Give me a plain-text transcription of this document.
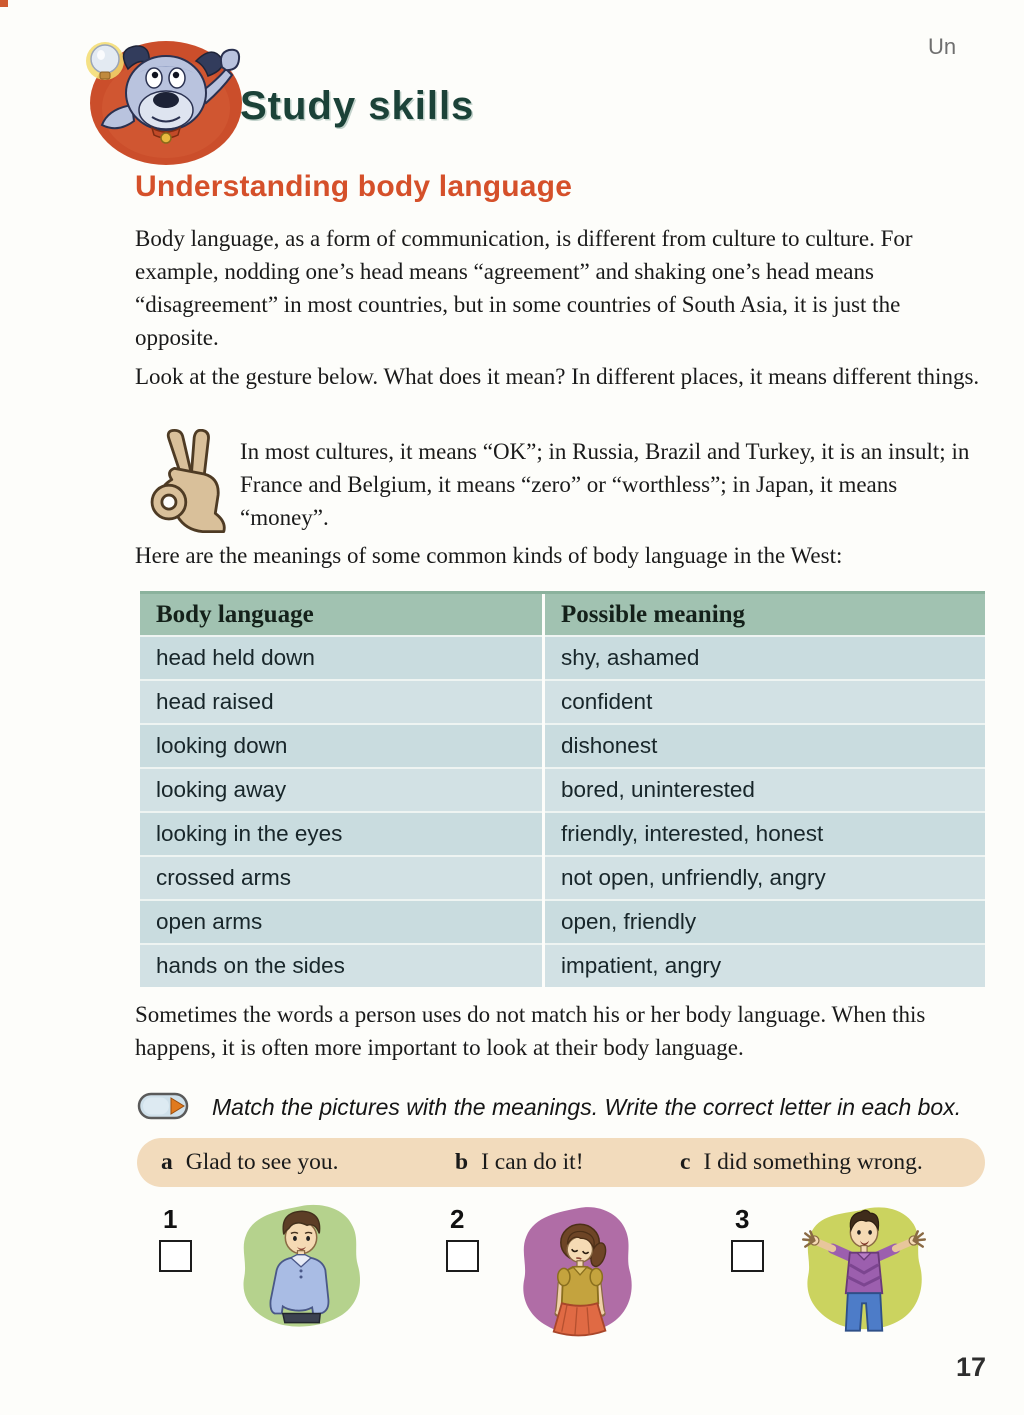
Un
Study skills
Understanding body language

Body language, as a form of communication, is different from culture to culture. For example, nodding one’s head means “agreement” and shaking one’s head means “disagreement” in most countries, but in some countries of South Asia, it is just the opposite.

Look at the gesture below. What does it mean? In different places, it means different things.

In most cultures, it means “OK”; in Russia, Brazil and Turkey, it is an insult; in France and Belgium, it means “zero” or “worthless”; in Japan, it means “money”.

Here are the meanings of some common kinds of body language in the West:

Body language	Possible meaning
head held down	shy, ashamed
head raised	confident
looking down	dishonest
looking away	bored, uninterested
looking in the eyes	friendly, interested, honest
crossed arms	not open, unfriendly, angry
open arms	open, friendly
hands on the sides	impatient, angry

Sometimes the words a person uses do not match his or her body language. When this happens, it is often more important to look at their body language.

Match the pictures with the meanings. Write the correct letter in each box.

a Glad to see you.	b I can do it!	c I did something wrong.
1	2	3
17
